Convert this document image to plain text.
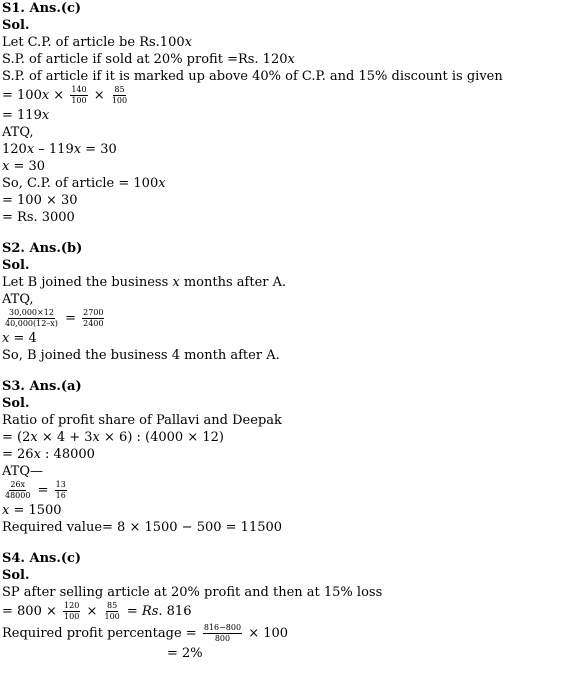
S1. Ans.(c)
Sol.
Let C.P. of article be Rs.100𝑥
S.P. of article if sold at 20% profit =Rs. 120𝑥
S.P. of article if it is marked up above 40% of C.P. and 15% discount is given
= 100𝑥 × $\frac{140}{100} \times \frac{85}{100}$
= 119𝑥
ATQ,
120𝑥 – 119𝑥 = 30
𝑥 = 30
So, C.P. of article = 100𝑥
= 100 × 30
= Rs. 3000
S2. Ans.(b)
Sol.
Let B joined the business 𝑥 months after A.
ATQ,
$\frac{30,000\times 12}{40,000(12-x)} = \frac{2700}{2400}$
𝑥 = 4
So, B joined the business 4 month after A.
S3. Ans.(a)
Sol.
Ratio of profit share of Pallavi and Deepak
= (2𝑥 × 4 + 3𝑥 × 6) : (4000 × 12)
= 26𝑥 : 48000
ATQ—
$\frac{26x}{48000} = \frac{13}{16}$
𝑥 = 1500
Required value= 8 × 1500 − 500 = 11500
S4. Ans.(c)
Sol.
SP after selling article at 20% profit and then at 15% loss
= $800 \times \frac{120}{100} \times \frac{85}{100}$ = 𝑅𝑠. 816
Required profit percentage = $\frac{816-800}{800} \times 100$
= 2%
